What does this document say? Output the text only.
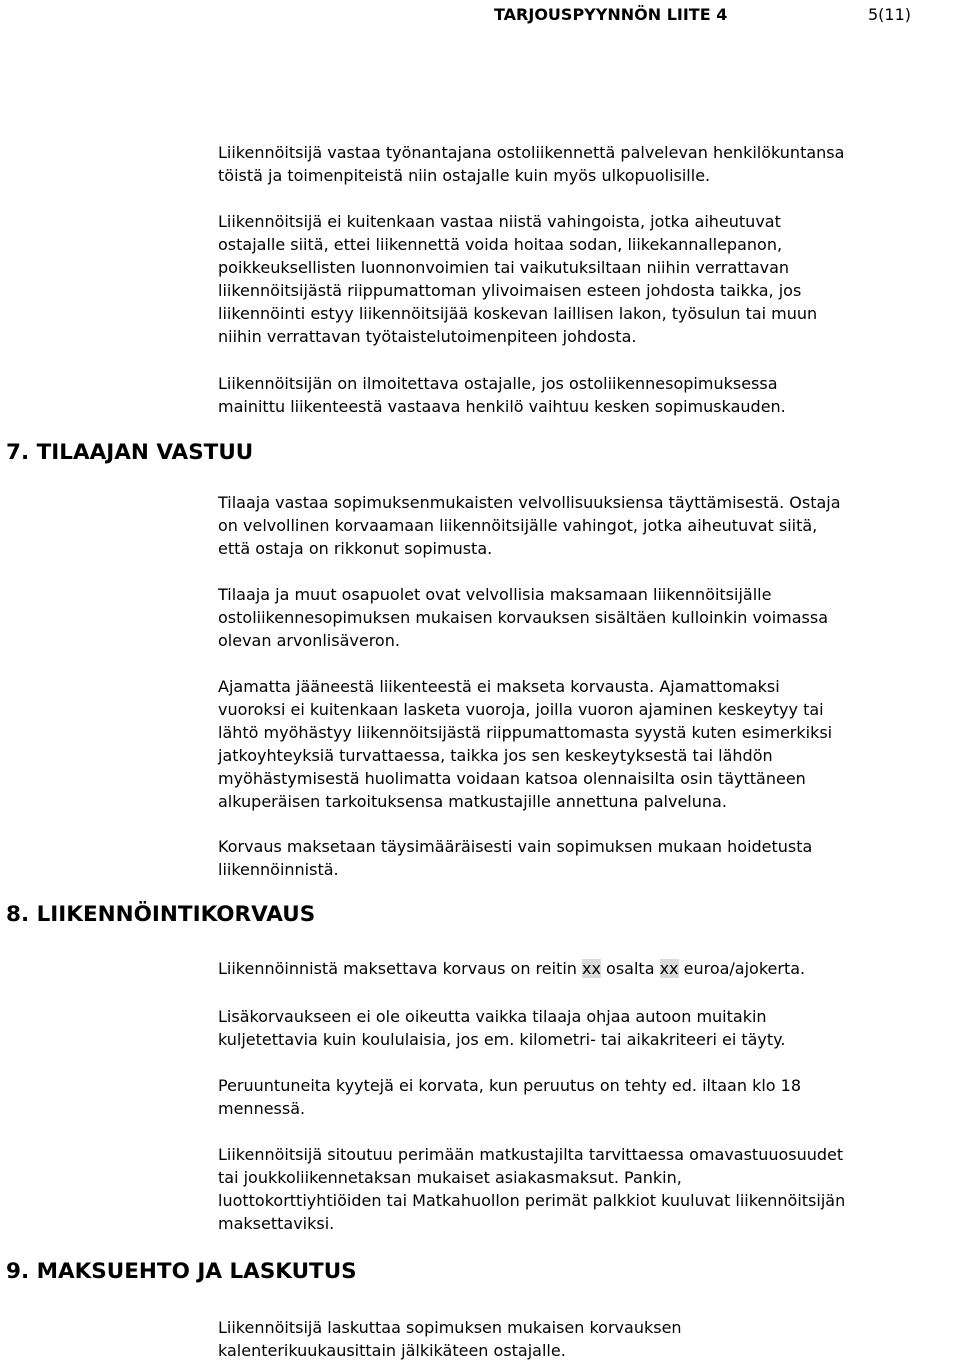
TARJOUSPYYNNÖN LIITE 4	5(11)
Liikennöitsijä vastaa työnantajana ostoliikennettä palvelevan henkilökuntansa
töistä ja toimenpiteistä niin ostajalle kuin myös ulkopuolisille.
Liikennöitsijä ei kuitenkaan vastaa niistä vahingoista, jotka aiheutuvat
ostajalle siitä, ettei liikennettä voida hoitaa sodan, liikekannallepanon,
poikkeuksellisten luonnonvoimien tai vaikutuksiltaan niihin verrattavan
liikennöitsijästä riippumattoman ylivoimaisen esteen johdosta taikka, jos
liikennöinti estyy liikennöitsijää koskevan laillisen lakon, työsulun tai muun
niihin verrattavan työtaistelutoimenpiteen johdosta.
Liikennöitsijän on ilmoitettava ostajalle, jos ostoliikennesopimuksessa
mainittu liikenteestä vastaava henkilö vaihtuu kesken sopimuskauden.
7. TILAAJAN VASTUU
Tilaaja vastaa sopimuksenmukaisten velvollisuuksiensa täyttämisestä. Ostaja
on velvollinen korvaamaan liikennöitsijälle vahingot, jotka aiheutuvat siitä,
että ostaja on rikkonut sopimusta.
Tilaaja ja muut osapuolet ovat velvollisia maksamaan liikennöitsijälle
ostoliikennesopimuksen mukaisen korvauksen sisältäen kulloinkin voimassa
olevan arvonlisäveron.
Ajamatta jääneestä liikenteestä ei makseta korvausta. Ajamattomaksi
vuoroksi ei kuitenkaan lasketa vuoroja, joilla vuoron ajaminen keskeytyy tai
lähtö myöhästyy liikennöitsijästä riippumattomasta syystä kuten esimerkiksi
jatkoyhteyksiä turvattaessa, taikka jos sen keskeytyksestä tai lähdön
myöhästymisestä huolimatta voidaan katsoa olennaisilta osin täyttäneen
alkuperäisen tarkoituksensa matkustajille annettuna palveluna.
Korvaus maksetaan täysimääräisesti vain sopimuksen mukaan hoidetusta
liikennöinnistä.
8. LIIKENNÖINTIKORVAUS
Liikennöinnistä maksettava korvaus on reitin xx osalta xx euroa/ajokerta.
Lisäkorvaukseen ei ole oikeutta vaikka tilaaja ohjaa autoon muitakin
kuljetettavia kuin koululaisia, jos em. kilometri- tai aikakriteeri ei täyty.
Peruuntuneita kyytejä ei korvata, kun peruutus on tehty ed. iltaan klo 18
mennessä.
Liikennöitsijä sitoutuu perimään matkustajilta tarvittaessa omavastuuosuudet
tai joukkoliikennetaksan mukaiset asiakasmaksut. Pankin,
luottokorttiyhtiöiden tai Matkahuollon perimät palkkiot kuuluvat liikennöitsijän
maksettaviksi.
9. MAKSUEHTO JA LASKUTUS
Liikennöitsijä laskuttaa sopimuksen mukaisen korvauksen
kalenterikuukausittain jälkikäteen ostajalle.
